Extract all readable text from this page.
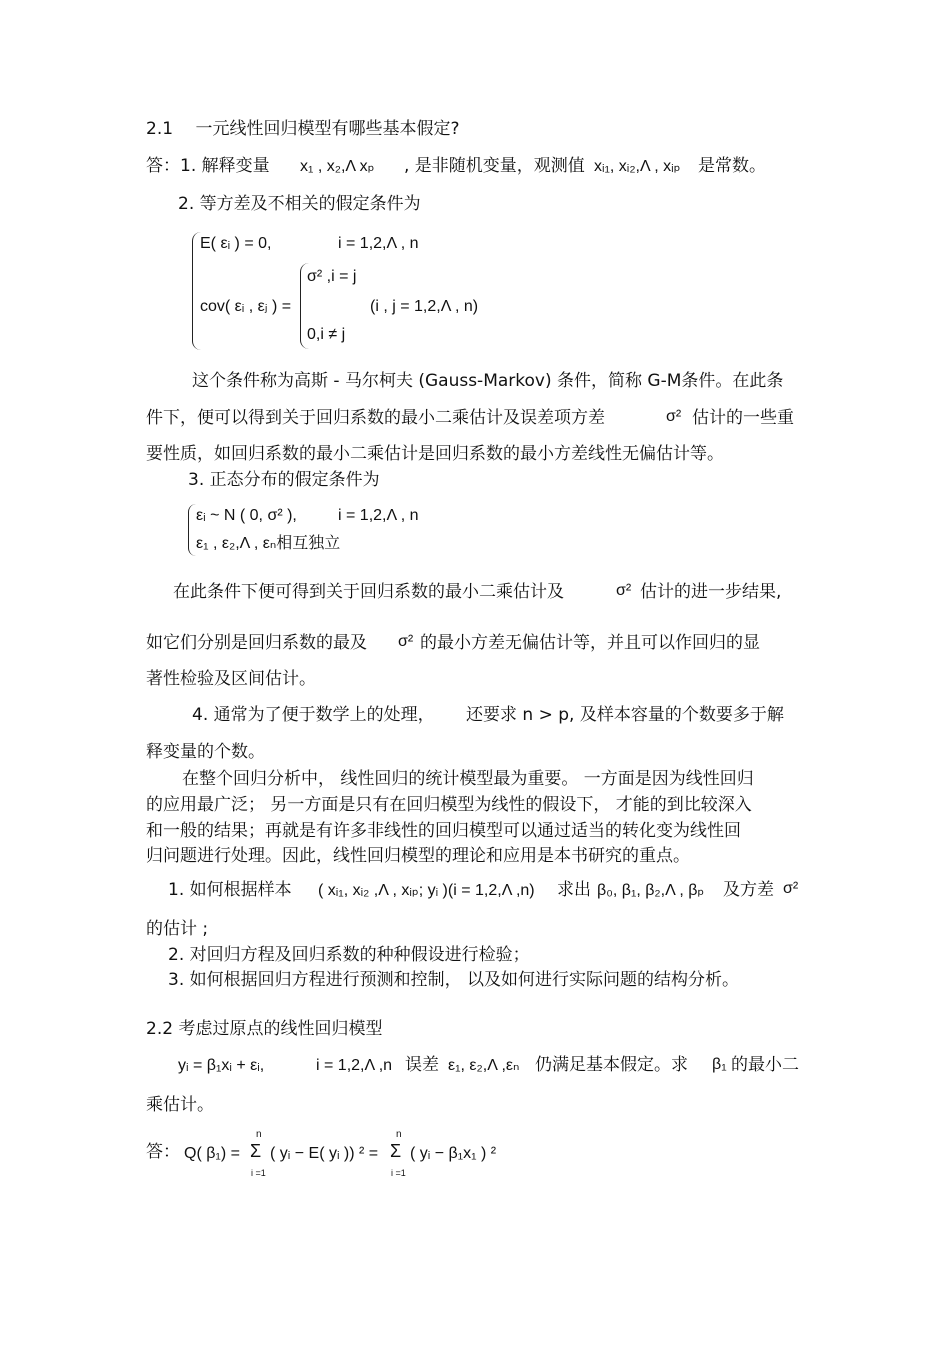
2.1　 一元线性回归模型有哪些基本假定?
答：1. 解释变量 x₁ , x₂,Λ xₚ , 是非随机变量，观测值 xᵢ₁, xᵢ₂,Λ , xᵢₚ 是常数。
2. 等方差及不相关的假定条件为
E( εᵢ ) = 0,	i = 1,2,Λ , n
cov( εᵢ , εⱼ ) =
σ² ,i = j
(i , j = 1,2,Λ , n)
0,i ≠ j
这个条件称为高斯 - 马尔柯夫 (Gauss-Markov) 条件，简称 G-M条件。在此条
件下，便可以得到关于回归系数的最小二乘估计及误差项方差	σ² 估计的一些重
要性质，如回归系数的最小二乘估计是回归系数的最小方差线性无偏估计等。
3. 正态分布的假定条件为
εᵢ ~ N ( 0, σ² ),	i = 1,2,Λ , n
ε₁ , ε₂,Λ , εₙ相互独立
在此条件下便可得到关于回归系数的最小二乘估计及	σ² 估计的进一步结果,
如它们分别是回归系数的最及 σ² 的最小方差无偏估计等，并且可以作回归的显
著性检验及区间估计。
4. 通常为了便于数学上的处理， 还要求 n > p, 及样本容量的个数要多于解
释变量的个数。
在整个回归分析中， 线性回归的统计模型最为重要。 一方面是因为线性回归
的应用最广泛； 另一方面是只有在回归模型为线性的假设下， 才能的到比较深入
和一般的结果；再就是有许多非线性的回归模型可以通过适当的转化变为线性回
归问题进行处理。因此，线性回归模型的理论和应用是本书研究的重点。
1. 如何根据样本 ( xᵢ₁, xᵢ₂ ,Λ , xᵢₚ; yᵢ )(i = 1,2,Λ ,n) 求出 β₀, β₁, β₂,Λ , βₚ 及方差 σ²
的估计 ;
2. 对回归方程及回归系数的种种假设进行检验；
3. 如何根据回归方程进行预测和控制， 以及如何进行实际问题的结构分析。
2.2 考虑过原点的线性回归模型
yᵢ = β₁xᵢ + εᵢ,	i = 1,2,Λ ,n 误差 ε₁, ε₂,Λ ,εₙ 仍满足基本假定。求 β₁ 的最小二
乘估计。
答： Q( β₁) =
n
Σ
i =1
( yᵢ − E( yᵢ )) ² =
n
Σ
i =1
( yᵢ − β₁x₁ ) ²
